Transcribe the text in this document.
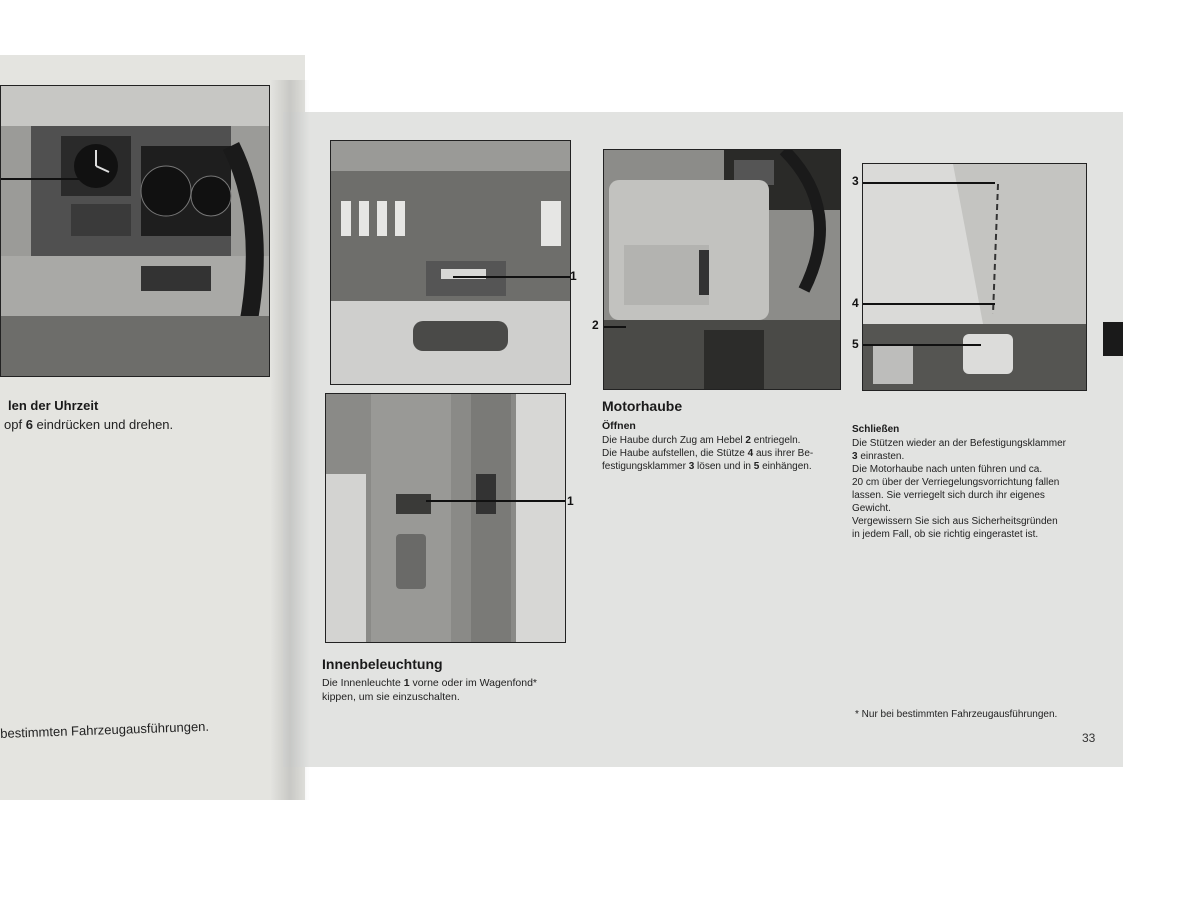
len der Uhrzeit
opf 6 eindrücken und drehen.
bestimmten Fahrzeugausführungen.
1
1
Innenbeleuchtung
Die Innenleuchte 1 vorne oder im Wagenfond*
kippen, um sie einzuschalten.
2
3
4
5
Motorhaube
Öffnen
Die Haube durch Zug am Hebel 2 entriegeln.
Die Haube aufstellen, die Stütze 4 aus ihrer Be-
festigungsklammer 3 lösen und in 5 einhängen.
Schließen
Die Stützen wieder an der Befestigungsklammer
3 einrasten.
Die Motorhaube nach unten führen und ca.
20 cm über der Verriegelungsvorrichtung fallen
lassen. Sie verriegelt sich durch ihr eigenes
Gewicht.
Vergewissern Sie sich aus Sicherheitsgründen
in jedem Fall, ob sie richtig eingerastet ist.
* Nur bei bestimmten Fahrzeugausführungen.
33
